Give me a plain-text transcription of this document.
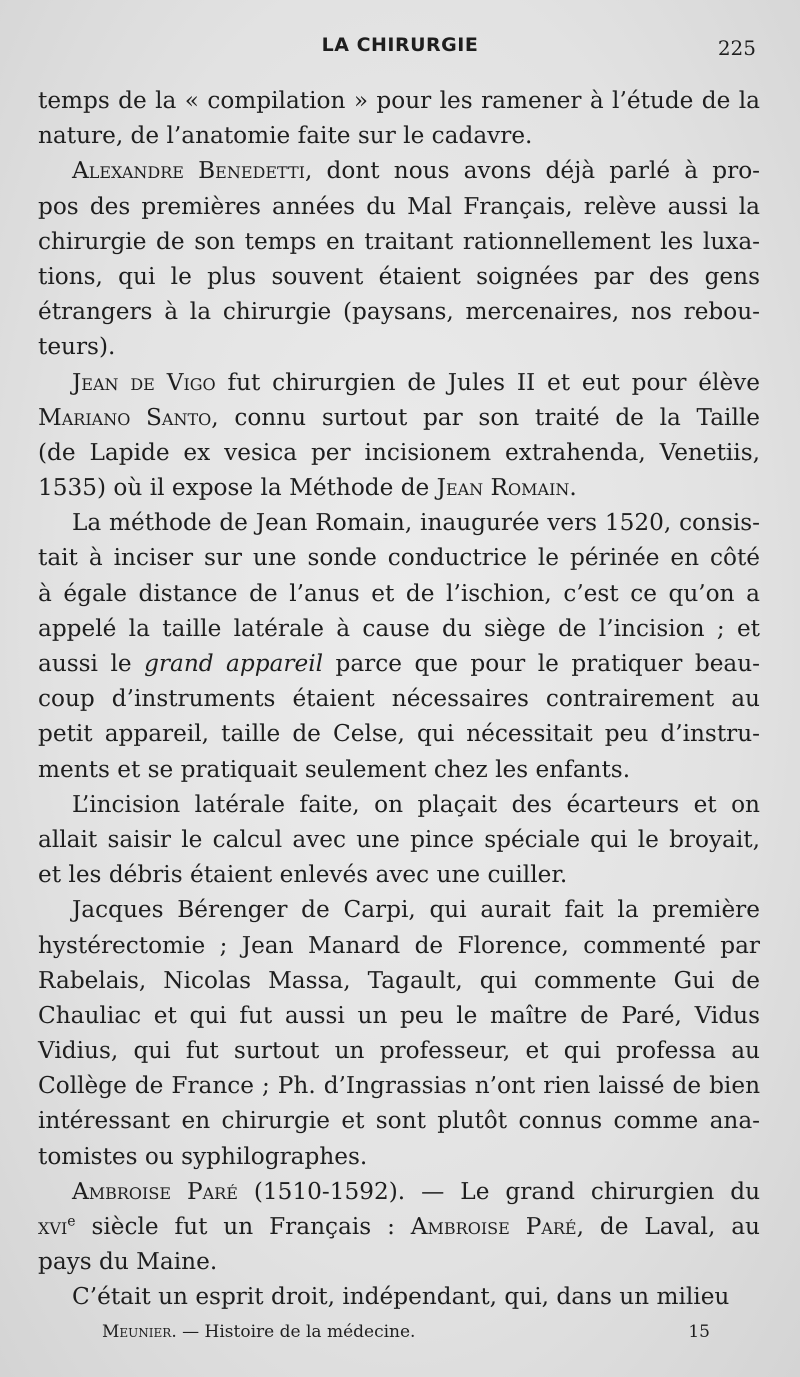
LA CHIRURGIE	225
temps de la « compilation » pour les ramener à l’étude de la
nature, de l’anatomie faite sur le cadavre.
Alexandre Benedetti, dont nous avons déjà parlé à pro-
pos des premières années du Mal Français, relève aussi la
chirurgie de son temps en traitant rationnellement les luxa-
tions, qui le plus souvent étaient soignées par des gens
étrangers à la chirurgie (paysans, mercenaires, nos rebou-
teurs).
Jean de Vigo fut chirurgien de Jules II et eut pour élève
Mariano Santo, connu surtout par son traité de la Taille
(de Lapide ex vesica per incisionem extrahenda, Venetiis,
1535) où il expose la Méthode de Jean Romain.
La méthode de Jean Romain, inaugurée vers 1520, consis-
tait à inciser sur une sonde conductrice le périnée en côté
à égale distance de l’anus et de l’ischion, c’est ce qu’on a
appelé la taille latérale à cause du siège de l’incision ; et
aussi le grand appareil parce que pour le pratiquer beau-
coup d’instruments étaient nécessaires contrairement au
petit appareil, taille de Celse, qui nécessitait peu d’instru-
ments et se pratiquait seulement chez les enfants.
L’incision latérale faite, on plaçait des écarteurs et on
allait saisir le calcul avec une pince spéciale qui le broyait,
et les débris étaient enlevés avec une cuiller.
Jacques Bérenger de Carpi, qui aurait fait la première
hystérectomie ; Jean Manard de Florence, commenté par
Rabelais, Nicolas Massa, Tagault, qui commente Gui de
Chauliac et qui fut aussi un peu le maître de Paré, Vidus
Vidius, qui fut surtout un professeur, et qui professa au
Collège de France ; Ph. d’Ingrassias n’ont rien laissé de bien
intéressant en chirurgie et sont plutôt connus comme ana-
tomistes ou syphilographes.
Ambroise Paré (1510-1592). — Le grand chirurgien du
xvi$^e$ siècle fut un Français : Ambroise Paré, de Laval, au
pays du Maine.
C’était un esprit droit, indépendant, qui, dans un milieu
Meunier. — Histoire de la médecine.	15
